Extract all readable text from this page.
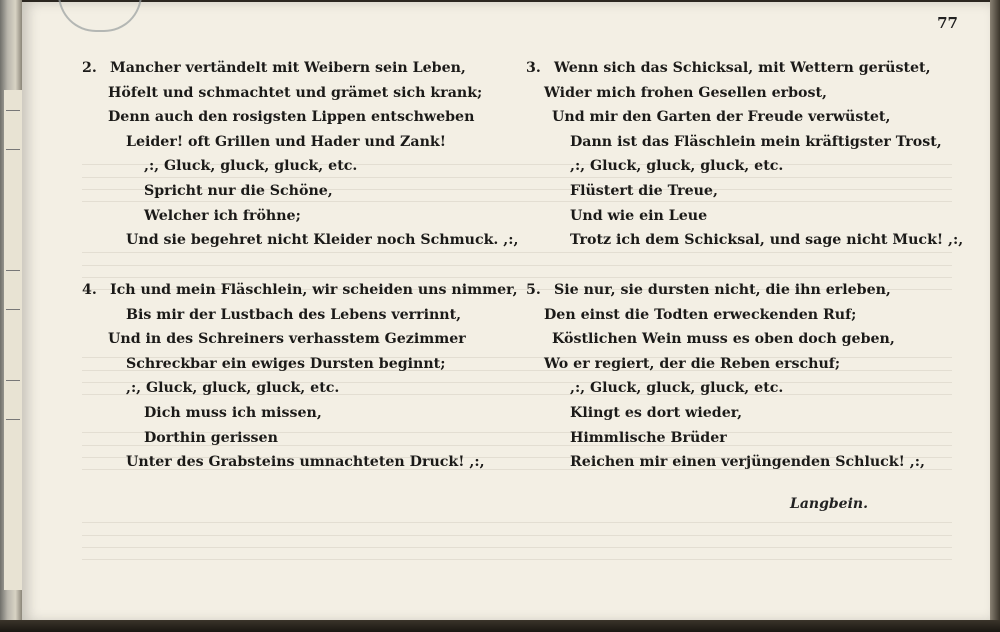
77
2. Mancher vertändelt mit Weibern sein Leben,
Höfelt und schmachtet und grämet sich krank;
Denn auch den rosigsten Lippen entschweben
Leider! oft Grillen und Hader und Zank!
,:, Gluck, gluck, gluck, etc.
Spricht nur die Schöne,
Welcher ich fröhne;
Und sie begehret nicht Kleider noch Schmuck. ,:,
3. Wenn sich das Schicksal, mit Wettern gerüstet,
Wider mich frohen Gesellen erbost,
Und mir den Garten der Freude verwüstet,
Dann ist das Fläschlein mein kräftigster Trost,
,:, Gluck, gluck, gluck, etc.
Flüstert die Treue,
Und wie ein Leue
Trotz ich dem Schicksal, und sage nicht Muck! ,:,
4. Ich und mein Fläschlein, wir scheiden uns nimmer,
Bis mir der Lustbach des Lebens verrinnt,
Und in des Schreiners verhasstem Gezimmer
Schreckbar ein ewiges Dursten beginnt;
,:, Gluck, gluck, gluck, etc.
Dich muss ich missen,
Dorthin gerissen
Unter des Grabsteins umnachteten Druck! ,:,
5. Sie nur, sie dursten nicht, die ihn erleben,
Den einst die Todten erweckenden Ruf;
Köstlichen Wein muss es oben doch geben,
Wo er regiert, der die Reben erschuf;
,:, Gluck, gluck, gluck, etc.
Klingt es dort wieder,
Himmlische Brüder
Reichen mir einen verjüngenden Schluck! ,:,
Langbein.
